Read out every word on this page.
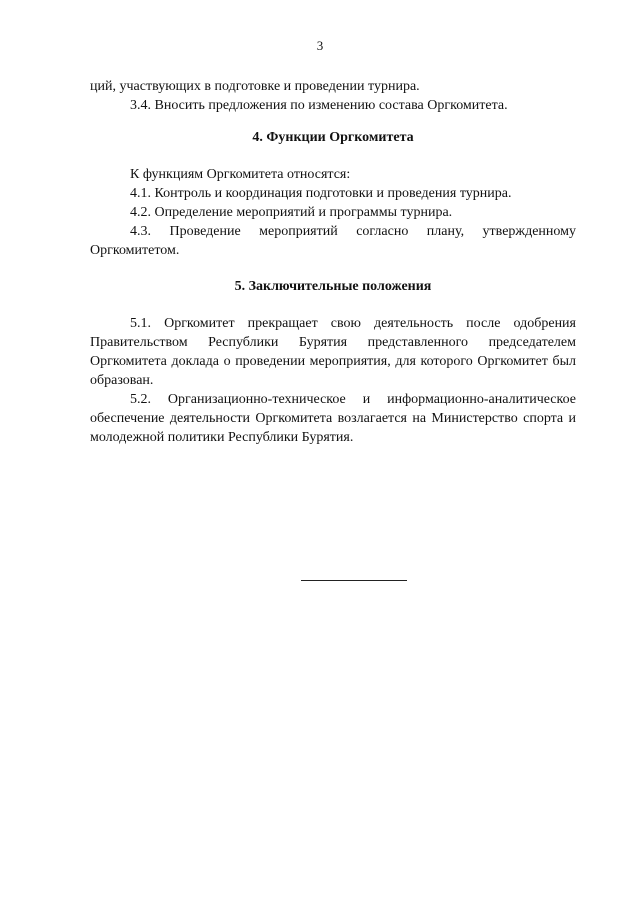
3

ций, участвующих в подготовке и проведении турнира.

3.4. Вносить предложения по изменению состава Оргкомитета.

4. Функции Оргкомитета

К функциям Оргкомитета относятся:

4.1. Контроль и координация подготовки и проведения турнира.

4.2. Определение мероприятий и программы турнира.

4.3. Проведение мероприятий согласно плану, утвержденному Оргкомитетом.

5. Заключительные положения

5.1. Оргкомитет прекращает свою деятельность после одобрения Правительством Республики Бурятия представленного председателем Оргкомитета доклада о проведении мероприятия, для которого Оргкомитет был образован.

5.2. Организационно-техническое и информационно-аналитическое обеспечение деятельности Оргкомитета возлагается на Министерство спорта и молодежной политики Республики Бурятия.
